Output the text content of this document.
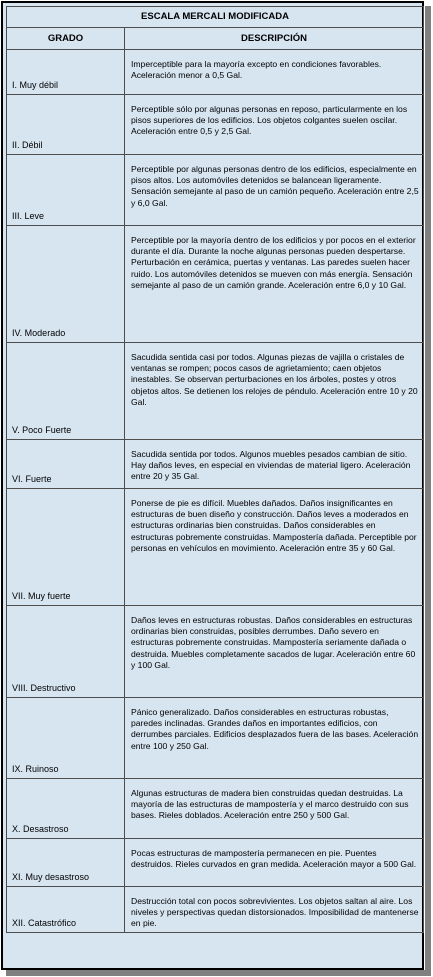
ESCALA MERCALI MODIFICADA	
GRADO	DESCRIPCIÓN

I. Muy débil	Imperceptible para la mayoría excepto en condiciones favorables. Aceleración menor a 0,5 Gal.

II. Débil	Perceptible sólo por algunas personas en reposo, particularmente en los pisos superiores de los edificios. Los objetos colgantes suelen oscilar. Aceleración entre 0,5 y 2,5 Gal.

III. Leve	Perceptible por algunas personas dentro de los edificios, especialmente en pisos altos. Los automóviles detenidos se balancean ligeramente. Sensación semejante al paso de un camión pequeño. Aceleración entre 2,5 y 6,0 Gal.

IV. Moderado	Perceptible por la mayoría dentro de los edificios y por pocos en el exterior durante el día. Durante la noche algunas personas pueden despertarse. Perturbación en cerámica, puertas y ventanas. Las paredes suelen hacer ruido. Los automóviles detenidos se mueven con más energía. Sensación semejante al paso de un camión grande. Aceleración entre 6,0 y 10 Gal.

V. Poco Fuerte	Sacudida sentida casi por todos. Algunas piezas de vajilla o cristales de ventanas se rompen; pocos casos de agrietamiento; caen objetos inestables. Se observan perturbaciones en los árboles, postes y otros objetos altos. Se detienen los relojes de péndulo. Aceleración entre 10 y 20 Gal.

VI. Fuerte	Sacudida sentida por todos. Algunos muebles pesados cambian de sitio. Hay daños leves, en especial en viviendas de material ligero. Aceleración entre 20 y 35 Gal.

VII. Muy fuerte	Ponerse de pie es difícil. Muebles dañados. Daños insignificantes en estructuras de buen diseño y construcción. Daños leves a moderados en estructuras ordinarias bien construidas. Daños considerables en estructuras pobremente construidas. Mampostería dañada. Perceptible por personas en vehículos en movimiento. Aceleración entre 35 y 60 Gal.

VIII. Destructivo	Daños leves en estructuras robustas. Daños considerables en estructuras ordinarias bien construidas, posibles derrumbes. Daño severo en estructuras pobremente construidas. Mampostería seriamente dañada o destruida. Muebles completamente sacados de lugar. Aceleración entre 60 y 100 Gal.

IX. Ruinoso	Pánico generalizado. Daños considerables en estructuras robustas, paredes inclinadas. Grandes daños en importantes edificios, con derrumbes parciales. Edificios desplazados fuera de las bases. Aceleración entre 100 y 250 Gal.

X. Desastroso	Algunas estructuras de madera bien construidas quedan destruidas. La mayoría de las estructuras de mampostería y el marco destruido con sus bases. Rieles doblados. Aceleración entre 250 y 500 Gal.

XI. Muy desastroso	Pocas estructuras de mampostería permanecen en pie. Puentes destruidos. Rieles curvados en gran medida. Aceleración mayor a 500 Gal.

XII. Catastrófico	Destrucción total con pocos sobrevivientes. Los objetos saltan al aire. Los niveles y perspectivas quedan distorsionados. Imposibilidad de mantenerse en pie.
